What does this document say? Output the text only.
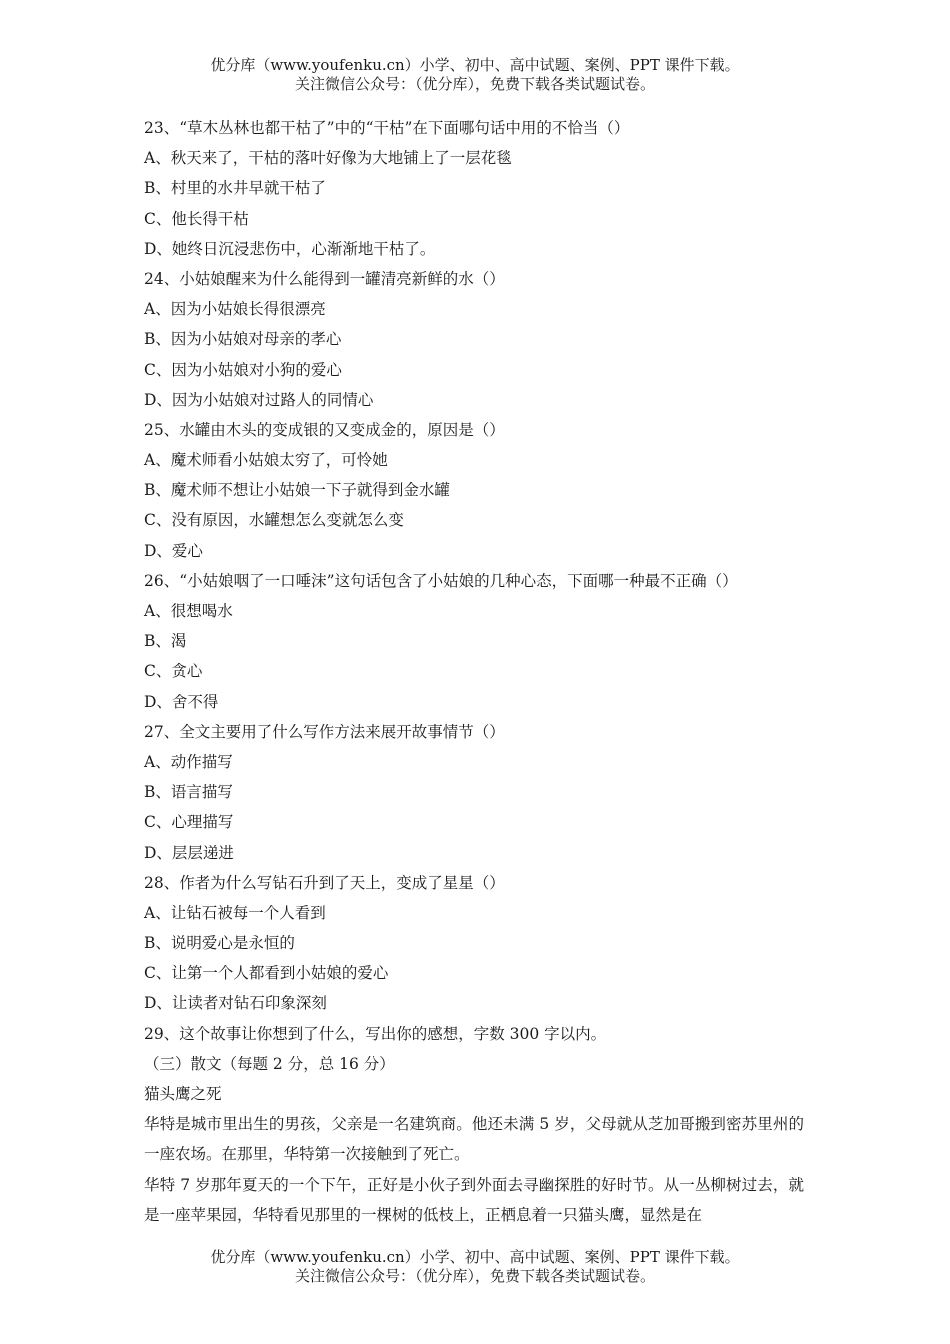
优分库（www.youfenku.cn）小学、初中、高中试题、案例、PPT 课件下载。
关注微信公众号：（优分库），免费下载各类试题试卷。
23、“草木丛林也都干枯了”中的“干枯”在下面哪句话中用的不恰当（）
A、秋天来了，干枯的落叶好像为大地铺上了一层花毯
B、村里的水井早就干枯了
C、他长得干枯
D、她终日沉浸悲伤中，心渐渐地干枯了。
24、小姑娘醒来为什么能得到一罐清亮新鲜的水（）
A、因为小姑娘长得很漂亮
B、因为小姑娘对母亲的孝心
C、因为小姑娘对小狗的爱心
D、因为小姑娘对过路人的同情心
25、水罐由木头的变成银的又变成金的，原因是（）
A、魔术师看小姑娘太穷了，可怜她
B、魔术师不想让小姑娘一下子就得到金水罐
C、没有原因，水罐想怎么变就怎么变
D、爱心
26、“小姑娘咽了一口唾沫”这句话包含了小姑娘的几种心态，下面哪一种最不正确（）
A、很想喝水
B、渴
C、贪心
D、舍不得
27、全文主要用了什么写作方法来展开故事情节（）
A、动作描写
B、语言描写
C、心理描写
D、层层递进
28、作者为什么写钻石升到了天上，变成了星星（）
A、让钻石被每一个人看到
B、说明爱心是永恒的
C、让第一个人都看到小姑娘的爱心
D、让读者对钻石印象深刻
29、这个故事让你想到了什么，写出你的感想，字数 300 字以内。
（三）散文（每题 2 分，总 16 分）
猫头鹰之死
华特是城市里出生的男孩，父亲是一名建筑商。他还未满 5 岁，父母就从芝加哥搬到密苏里州的一座农场。在那里，华特第一次接触到了死亡。
华特 7 岁那年夏天的一个下午，正好是小伙子到外面去寻幽探胜的好时节。从一丛柳树过去，就是一座苹果园，华特看见那里的一棵树的低枝上，正栖息着一只猫头鹰，显然是在
优分库（www.youfenku.cn）小学、初中、高中试题、案例、PPT 课件下载。
关注微信公众号：（优分库），免费下载各类试题试卷。
